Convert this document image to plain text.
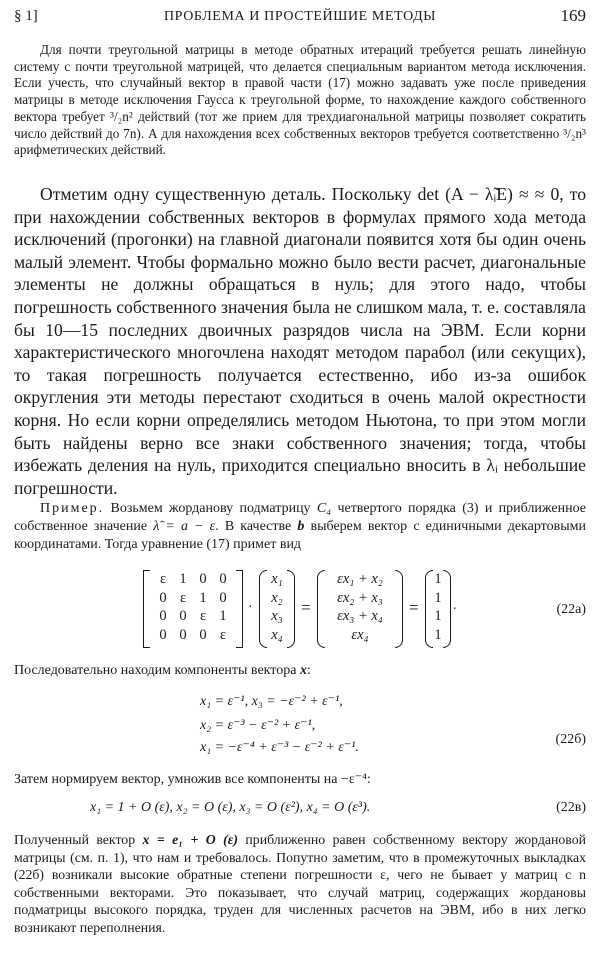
§ 1]	ПРОБЛЕМА И ПРОСТЕЙШИЕ МЕТОДЫ	169

Для почти треугольной матрицы в методе обратных итераций требуется решать линейную систему с почти треугольной матрицей, что делается специальным вариантом метода исключения. Если учесть, что случайный вектор в правой части (17) можно задавать уже после приведения матрицы в методе исключения Гаусса к треугольной форме, то нахождение каждого собственного вектора требует ³/₂n² действий (тот же прием для трехдиагональной матрицы позволяет сократить число действий до 7n). А для нахождения всех собственных векторов требуется соответственно ³/₂n³ арифметических действий.

Отметим одну существенную деталь. Поскольку det (A − λ̃ᵢE) ≈ ≈ 0, то при нахождении собственных векторов в формулах прямого хода метода исключений (прогонки) на главной диагонали появится хотя бы один очень малый элемент. Чтобы формально можно было вести расчет, диагональные элементы не должны обращаться в нуль; для этого надо, чтобы погрешность собственного значения была не слишком мала, т. е. составляла бы 10—15 последних двоичных разрядов числа на ЭВМ. Если корни характеристического многочлена находят методом парабол (или секущих), то такая погрешность получается естественно, ибо из-за ошибок округления эти методы перестают сходиться в очень малой окрестности корня. Но если корни определялись методом Ньютона, то при этом могли быть найдены верно все знаки собственного значения; тогда, чтобы избежать деления на нуль, приходится специально вносить в λᵢ небольшие погрешности.

Пример. Возьмем жорданову подматрицу C₄ четвертого порядка (3) и приближенное собственное значение λ̃ = a − ε. В качестве b выберем вектор с единичными декартовыми координатами. Тогда уравнение (17) примет вид

ε 1 0 0
0 ε 1 0
0 0 ε 1
0 0 0 ε
·
x₁
x₂
x₃
x₄
=
εx₁ + x₂
εx₂ + x₃
εx₃ + x₄
εx₄
=
1
1
1
1
.	(22а)

Последовательно находим компоненты вектора x:

x₁ = ε⁻¹, x₃ = −ε⁻² + ε⁻¹,
x₂ = ε⁻³ − ε⁻² + ε⁻¹,
x₁ = −ε⁻⁴ + ε⁻³ − ε⁻² + ε⁻¹.
(22б)

Затем нормируем вектор, умножив все компоненты на −ε⁻⁴:

x₁ = 1 + O (ε), x₂ = O (ε), x₃ = O (ε²), x₄ = O (ε³).	(22в)

Полученный вектор x = e₁ + O (ε) приближенно равен собственному вектору жордановой матрицы (см. п. 1), что нам и требовалось. Попутно заметим, что в промежуточных выкладках (22б) возникали высокие обратные степени погрешности ε, чего не бывает у матриц с n собственными векторами. Это показывает, что случай матриц, содержащих жордановы подматрицы высокого порядка, труден для численных расчетов на ЭВМ, ибо в них легко возникают переполнения.
